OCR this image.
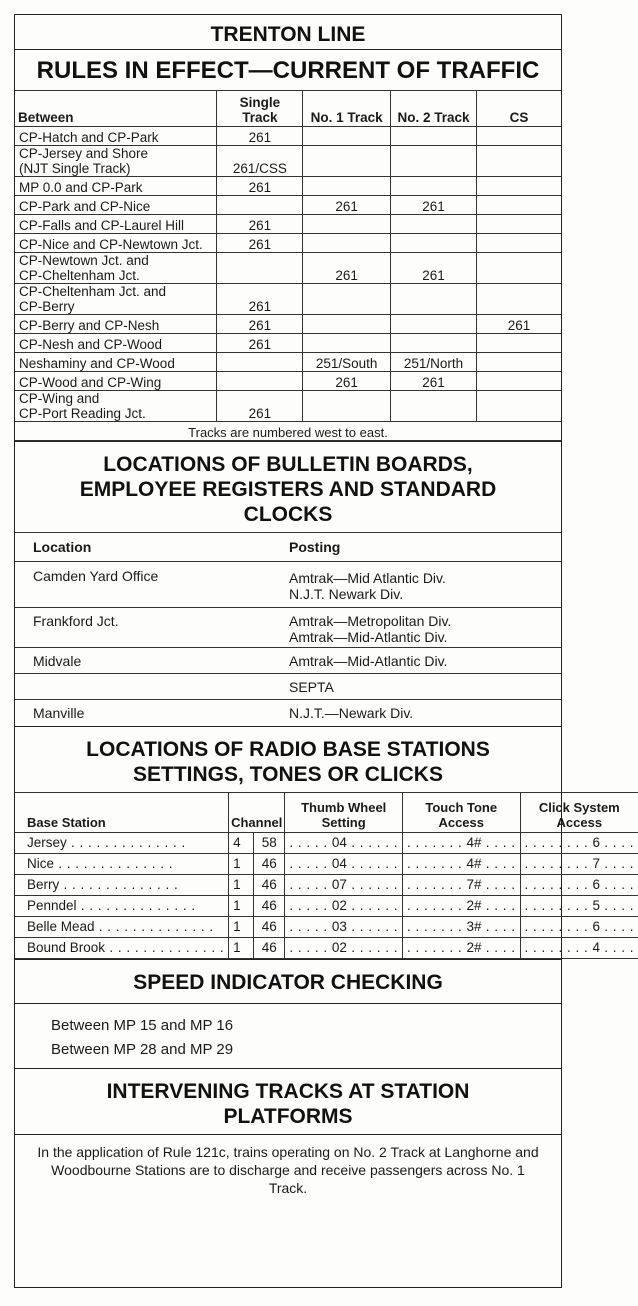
TRENTON LINE
RULES IN EFFECT—CURRENT OF TRAFFIC
Between	Single Track	No. 1 Track	No. 2 Track	CS
CP-Hatch and CP-Park	261			
CP-Jersey and Shore
(NJT Single Track)	261/CSS			
MP 0.0 and CP-Park	261			
CP-Park and CP-Nice		261	261	
CP-Falls and CP-Laurel Hill	261			
CP-Nice and CP-Newtown Jct.	261			
CP-Newtown Jct. and
CP-Cheltenham Jct.		261	261	
CP-Cheltenham Jct. and
CP-Berry	261			
CP-Berry and CP-Nesh	261			261
CP-Nesh and CP-Wood	261			
Neshaminy and CP-Wood		251/South	251/North	
CP-Wood and CP-Wing		261	261	
CP-Wing and
CP-Port Reading Jct.	261			
Tracks are numbered west to east.				
LOCATIONS OF BULLETIN BOARDS, EMPLOYEE REGISTERS AND STANDARD CLOCKS
Location	Posting
Camden Yard Office	Amtrak—Mid Atlantic Div.
N.J.T. Newark Div.
Frankford Jct.	Amtrak—Metropolitan Div.
Amtrak—Mid-Atlantic Div.
Midvale	Amtrak—Mid-Atlantic Div.
	SEPTA
Manville	N.J.T.—Newark Div.
LOCATIONS OF RADIO BASE STATIONS SETTINGS, TONES OR CLICKS
Base Station	Channel		Thumb Wheel Setting	Touch Tone Access	Click System Access
Jersey . . . . . . . . . . . . . .	4	58	. . . . . 04 . . . . . .	. . . . . . . 4# . . . .	. . . . . . . . 6 . . . .
Nice . . . . . . . . . . . . . .	1	46	. . . . . 04 . . . . . .	. . . . . . . 4# . . . .	. . . . . . . . 7 . . . .
Berry . . . . . . . . . . . . . .	1	46	. . . . . 07 . . . . . .	. . . . . . . 7# . . . .	. . . . . . . . 6 . . . .
Penndel . . . . . . . . . . . . . .	1	46	. . . . . 02 . . . . . .	. . . . . . . 2# . . . .	. . . . . . . . 5 . . . .
Belle Mead . . . . . . . . . . . . . .	1	46	. . . . . 03 . . . . . .	. . . . . . . 3# . . . .	. . . . . . . . 6 . . . .
Bound Brook . . . . . . . . . . . . . .	1	46	. . . . . 02 . . . . . .	. . . . . . . 2# . . . .	. . . . . . . . 4 . . . .
SPEED INDICATOR CHECKING
Between MP 15 and MP 16
Between MP 28 and MP 29
INTERVENING TRACKS AT STATION PLATFORMS
In the application of Rule 121c, trains operating on No. 2 Track at Langhorne and Woodbourne Stations are to discharge and receive passengers across No. 1 Track.
